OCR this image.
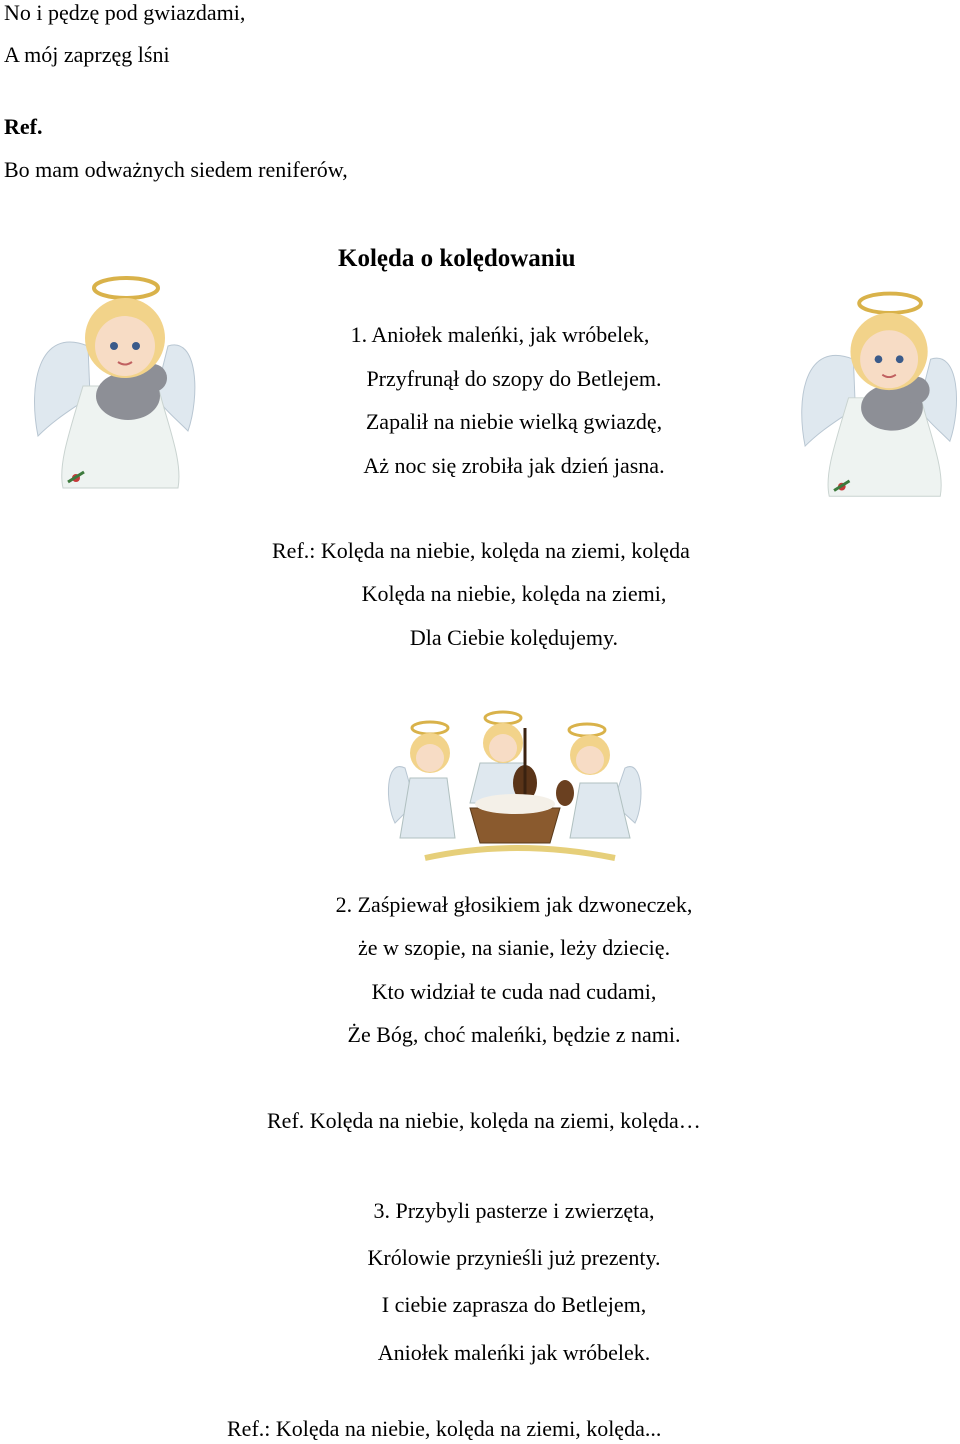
No i pędzę pod gwiazdami,
A mój zaprzęg lśni
Ref.
Bo mam odważnych siedem reniferów,
Kolęda o kolędowaniu
1. Aniołek maleńki, jak wróbelek,
Przyfrunął do szopy do Betlejem.
Zapalił na niebie wielką gwiazdę,
Aż noc się zrobiła jak dzień jasna.
Ref.: Kolęda na niebie, kolęda na ziemi, kolęda
Kolęda na niebie, kolęda na ziemi,
Dla Ciebie kolędujemy.
2. Zaśpiewał głosikiem jak dzwoneczek,
że w szopie, na sianie, leży dziecię.
Kto widział te cuda nad cudami,
Że Bóg, choć maleńki, będzie z nami.
Ref. Kolęda na niebie, kolęda na ziemi, kolęda…
3. Przybyli pasterze i zwierzęta,
Królowie przynieśli już prezenty.
I ciebie zaprasza do Betlejem,
Aniołek maleńki jak wróbelek.
Ref.: Kolęda na niebie, kolęda na ziemi, kolęda...
